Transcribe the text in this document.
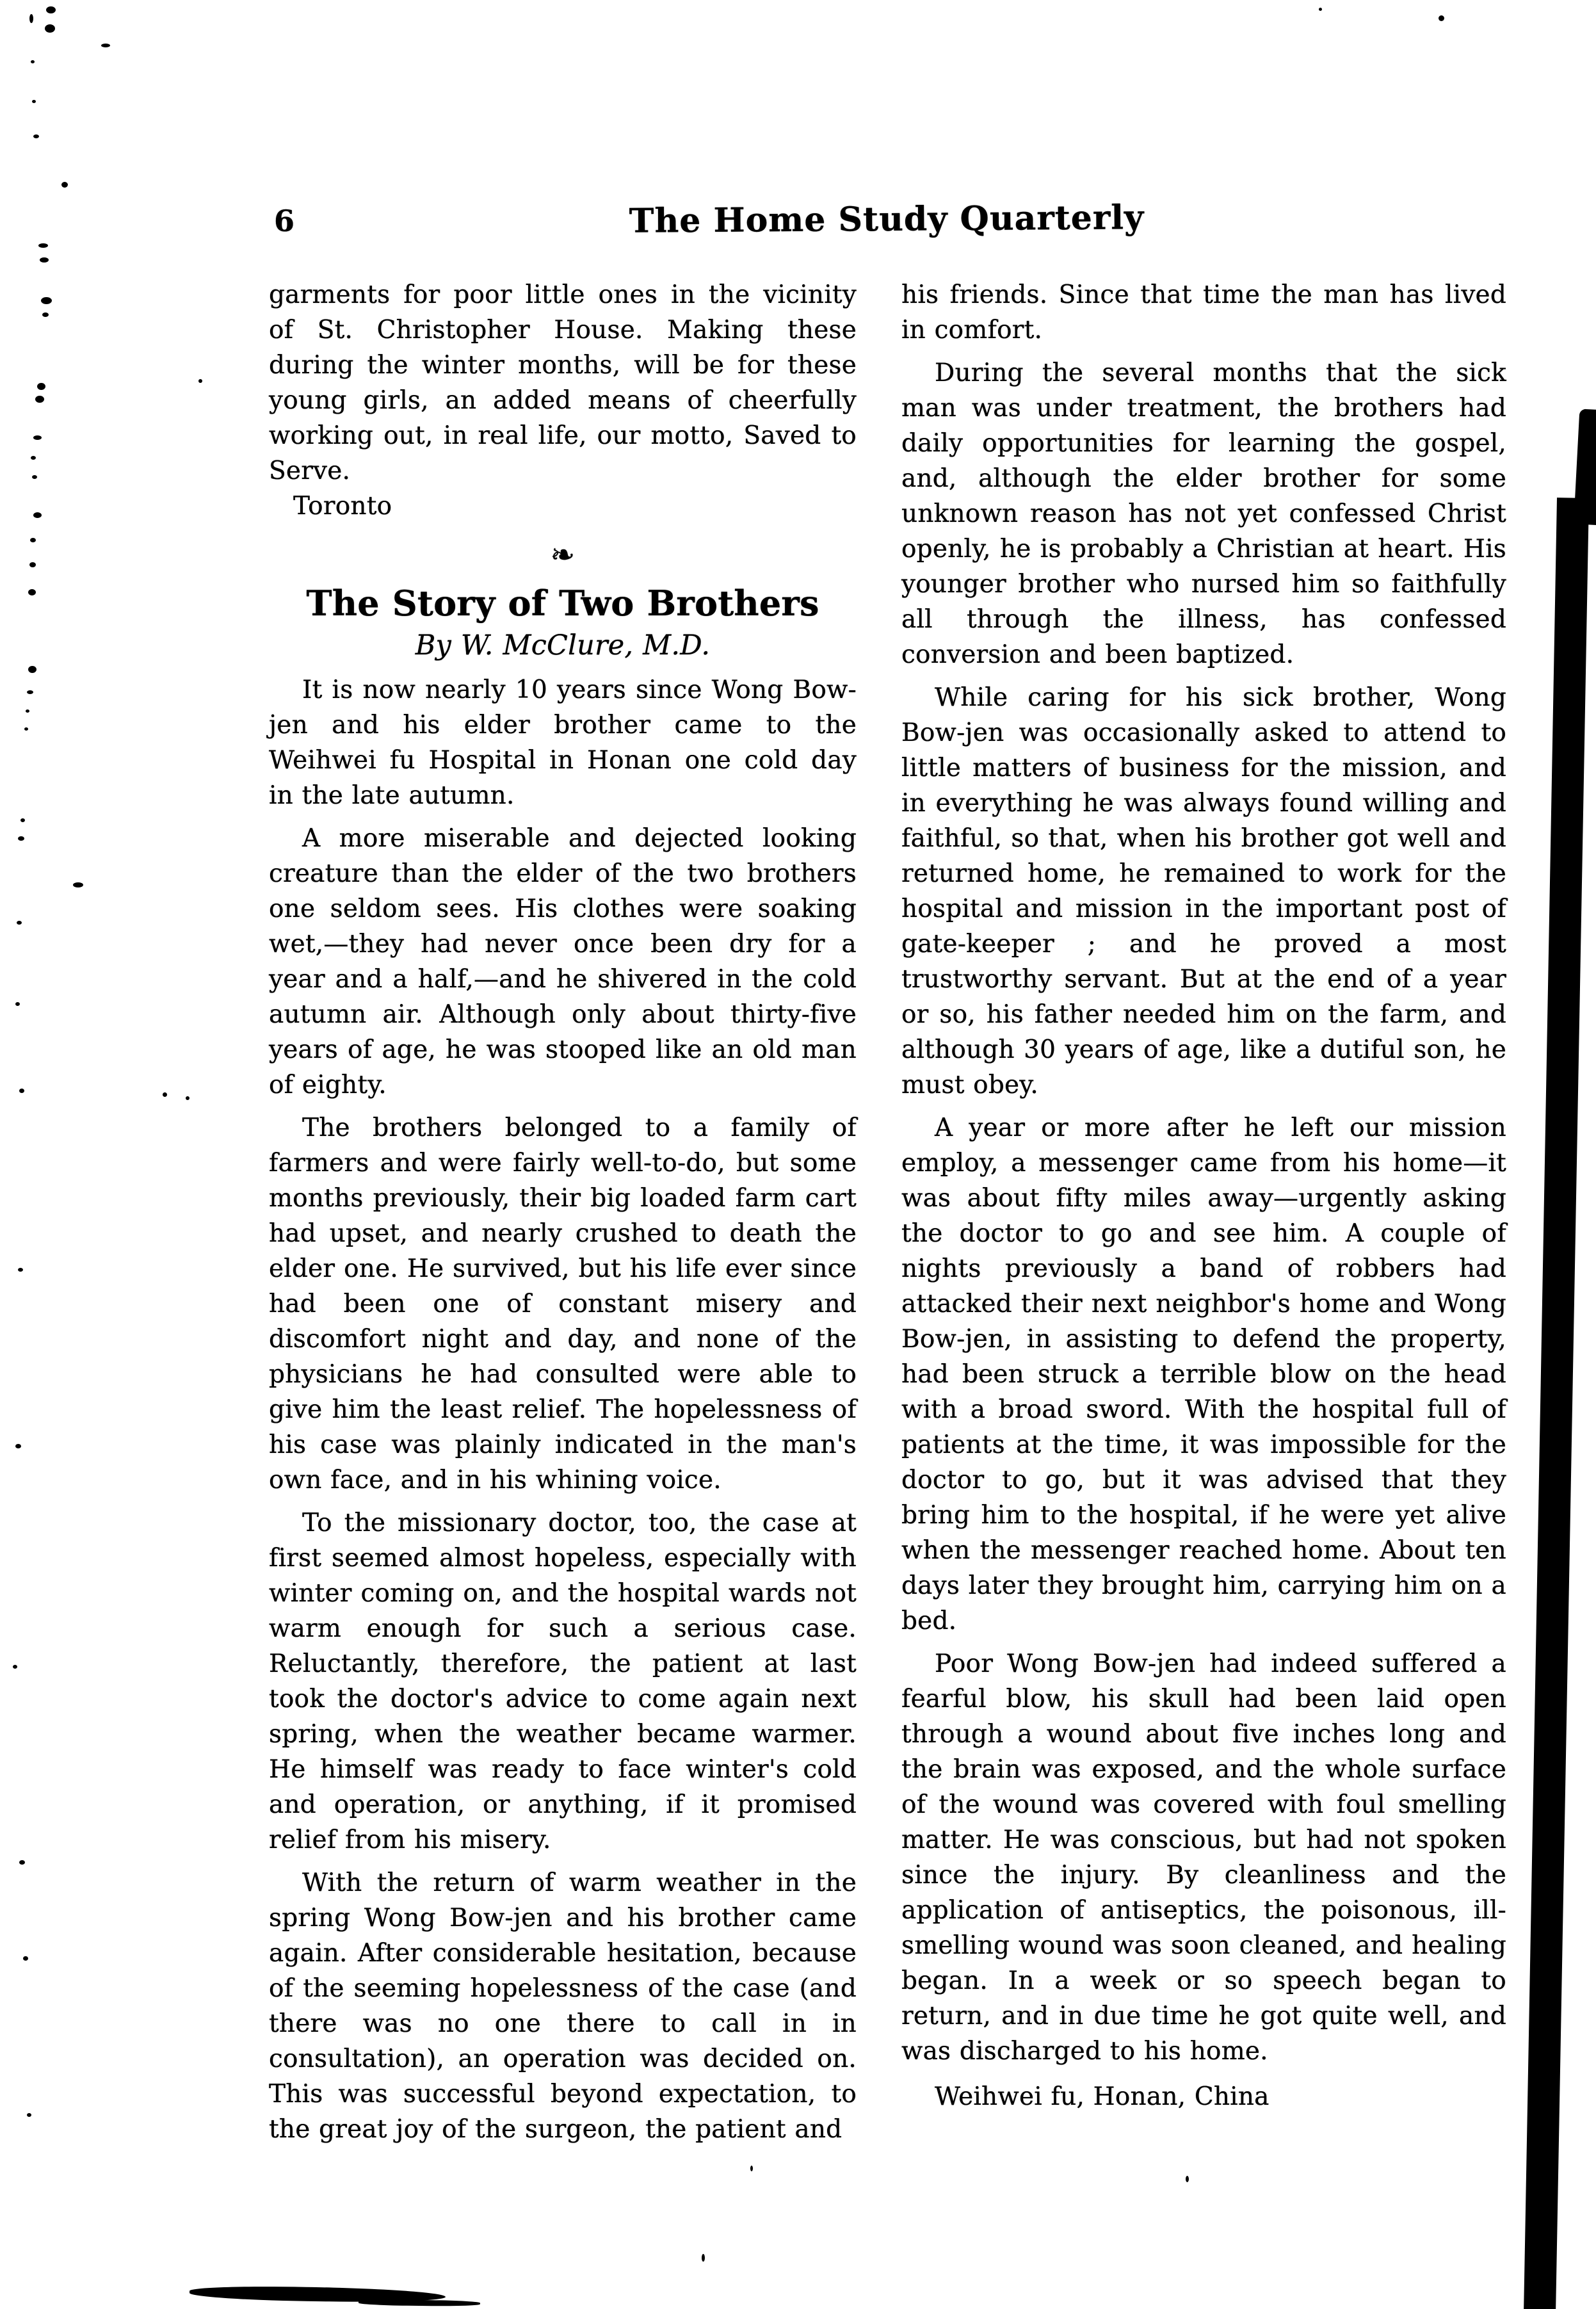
6	The Home Study Quarterly

garments for poor little ones in the vicinity of St. Christopher House. Making these during the winter months, will be for these young girls, an added means of cheerfully working out, in real life, our motto, Saved to Serve.

Toronto

❧
The Story of Two Brothers

By W. McClure, M.D.

It is now nearly 10 years since Wong Bow-jen and his elder brother came to the Weihwei fu Hospital in Honan one cold day in the late autumn.

A more miserable and dejected looking creature than the elder of the two brothers one seldom sees. His clothes were soaking wet,—they had never once been dry for a year and a half,—and he shivered in the cold autumn air. Although only about thirty-five years of age, he was stooped like an old man of eighty.

The brothers belonged to a family of farmers and were fairly well-to-do, but some months previously, their big loaded farm cart had upset, and nearly crushed to death the elder one. He survived, but his life ever since had been one of constant misery and discomfort night and day, and none of the physicians he had consulted were able to give him the least relief. The hopelessness of his case was plainly indicated in the man's own face, and in his whining voice.

To the missionary doctor, too, the case at first seemed almost hopeless, especially with winter coming on, and the hospital wards not warm enough for such a serious case. Reluctantly, therefore, the patient at last took the doctor's advice to come again next spring, when the weather became warmer. He himself was ready to face winter's cold and operation, or anything, if it promised relief from his misery.

With the return of warm weather in the spring Wong Bow-jen and his brother came again. After considerable hesitation, because of the seeming hopelessness of the case (and there was no one there to call in in consultation), an operation was decided on. This was successful beyond expectation, to the great joy of the surgeon, the patient and

his friends. Since that time the man has lived in comfort.

During the several months that the sick man was under treatment, the brothers had daily opportunities for learning the gospel, and, although the elder brother for some unknown reason has not yet confessed Christ openly, he is probably a Christian at heart. His younger brother who nursed him so faithfully all through the illness, has confessed conversion and been baptized.

While caring for his sick brother, Wong Bow-jen was occasionally asked to attend to little matters of business for the mission, and in everything he was always found willing and faithful, so that, when his brother got well and returned home, he remained to work for the hospital and mission in the important post of gate-keeper ; and he proved a most trustworthy servant. But at the end of a year or so, his father needed him on the farm, and although 30 years of age, like a dutiful son, he must obey.

A year or more after he left our mission employ, a messenger came from his home—it was about fifty miles away—urgently asking the doctor to go and see him. A couple of nights previously a band of robbers had attacked their next neighbor's home and Wong Bow-jen, in assisting to defend the property, had been struck a terrible blow on the head with a broad sword. With the hospital full of patients at the time, it was impossible for the doctor to go, but it was advised that they bring him to the hospital, if he were yet alive when the messenger reached home. About ten days later they brought him, carrying him on a bed.

Poor Wong Bow-jen had indeed suffered a fearful blow, his skull had been laid open through a wound about five inches long and the brain was exposed, and the whole surface of the wound was covered with foul smelling matter. He was conscious, but had not spoken since the injury. By cleanliness and the application of antiseptics, the poisonous, ill-smelling wound was soon cleaned, and healing began. In a week or so speech began to return, and in due time he got quite well, and was discharged to his home.

Weihwei fu, Honan, China
